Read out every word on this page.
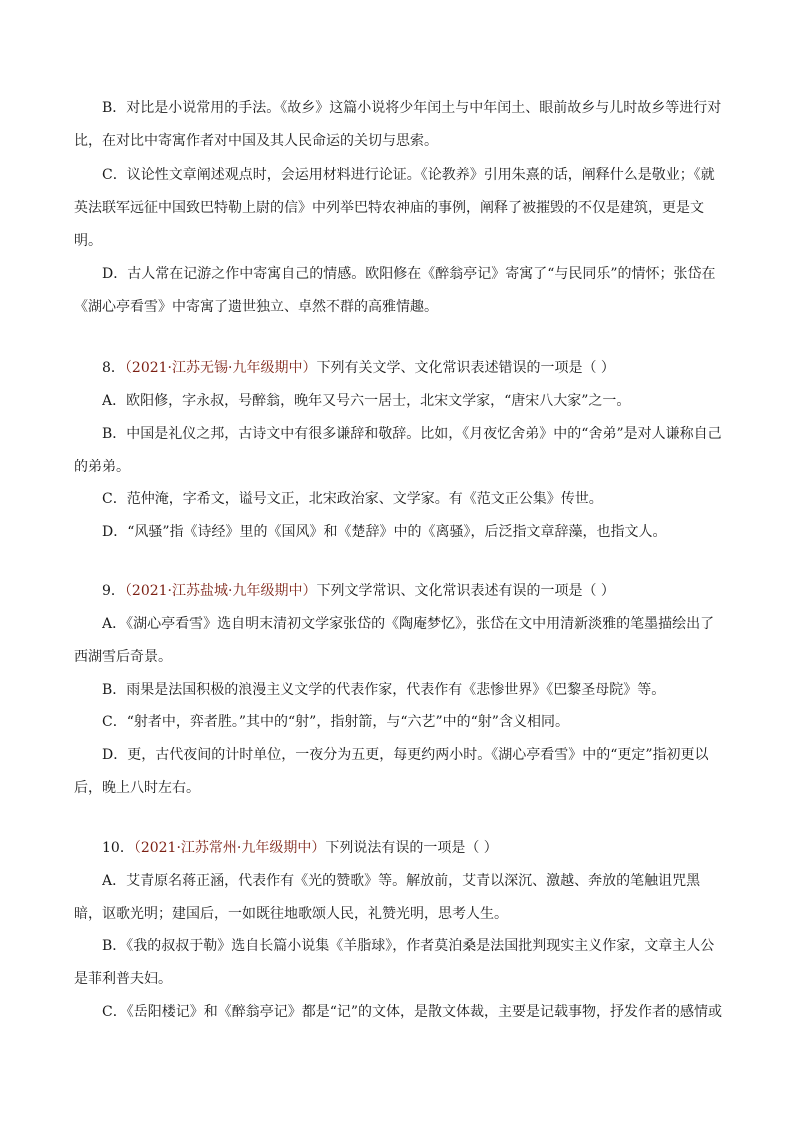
B．对比是小说常用的手法。《故乡》这篇小说将少年闰土与中年闰土、眼前故乡与儿时故乡等进行对
比，在对比中寄寓作者对中国及其人民命运的关切与思索。
C．议论性文章阐述观点时，会运用材料进行论证。《论教养》引用朱熹的话，阐释什么是敬业；《就
英法联军远征中国致巴特勒上尉的信》中列举巴特农神庙的事例，阐释了被摧毁的不仅是建筑，更是文
明。
D．古人常在记游之作中寄寓自己的情感。欧阳修在《醉翁亭记》寄寓了“与民同乐”的情怀；张岱在
《湖心亭看雪》中寄寓了遗世独立、卓然不群的高雅情趣。
8．（2021·江苏无锡·九年级期中）下列有关文学、文化常识表述错误的一项是（ ）
A．欧阳修，字永叔，号醉翁，晚年又号六一居士，北宋文学家，“唐宋八大家”之一。
B．中国是礼仪之邦，古诗文中有很多谦辞和敬辞。比如，《月夜忆舍弟》中的“舍弟”是对人谦称自己
的弟弟。
C．范仲淹，字希文，谥号文正，北宋政治家、文学家。有《范文正公集》传世。
D．“风骚”指《诗经》里的《国风》和《楚辞》中的《离骚》，后泛指文章辞藻，也指文人。
9．（2021·江苏盐城·九年级期中）下列文学常识、文化常识表述有误的一项是（ ）
A．《湖心亭看雪》选自明末清初文学家张岱的《陶庵梦忆》，张岱在文中用清新淡雅的笔墨描绘出了
西湖雪后奇景。
B．雨果是法国积极的浪漫主义文学的代表作家，代表作有《悲惨世界》《巴黎圣母院》等。
C．“射者中，弈者胜。”其中的“射”，指射箭，与“六艺”中的“射”含义相同。
D．更，古代夜间的计时单位，一夜分为五更，每更约两小时。《湖心亭看雪》中的“更定”指初更以
后，晚上八时左右。
10．（2021·江苏常州·九年级期中）下列说法有误的一项是（ ）
A．艾青原名蒋正涵，代表作有《光的赞歌》等。解放前，艾青以深沉、激越、奔放的笔触诅咒黑
暗，讴歌光明；建国后，一如既往地歌颂人民，礼赞光明，思考人生。
B．《我的叔叔于勒》选自长篇小说集《羊脂球》，作者莫泊桑是法国批判现实主义作家，文章主人公
是菲利普夫妇。
C．《岳阳楼记》和《醉翁亭记》都是“记”的文体，是散文体裁，主要是记载事物，抒发作者的感情或
